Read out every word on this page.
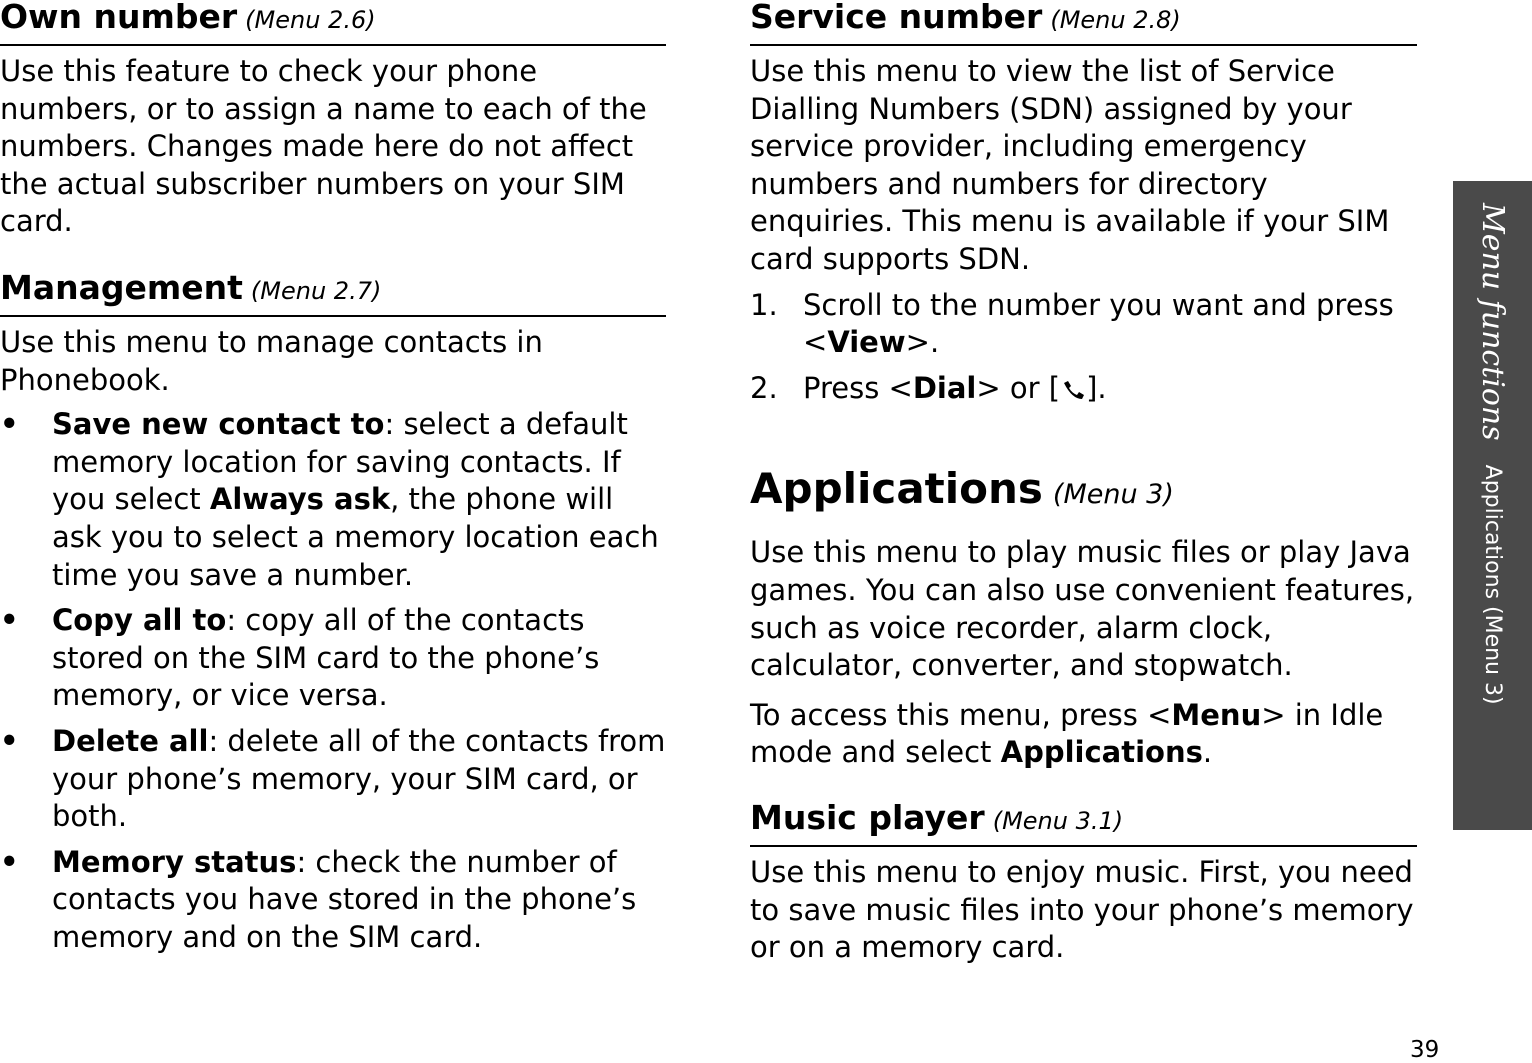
Own number (Menu 2.6)

Use this feature to check your phone numbers, or to assign a name to each of the numbers. Changes made here do not affect the actual subscriber numbers on your SIM card.

Management (Menu 2.7)

Use this menu to manage contacts in Phonebook.

• Save new contact to: select a default memory location for saving contacts. If you select Always ask, the phone will ask you to select a memory location each time you save a number.
• Copy all to: copy all of the contacts stored on the SIM card to the phone’s memory, or vice versa.
• Delete all: delete all of the contacts from your phone’s memory, your SIM card, or both.
• Memory status: check the number of contacts you have stored in the phone’s memory and on the SIM card.
Service number (Menu 2.8)

Use this menu to view the list of Service Dialling Numbers (SDN) assigned by your service provider, including emergency numbers and numbers for directory enquiries. This menu is available if your SIM card supports SDN.

1. Scroll to the number you want and press <View>.
2. Press <Dial> or [ ].
Applications (Menu 3)

Use this menu to play music files or play Java games. You can also use convenient features, such as voice recorder, alarm clock, calculator, converter, and stopwatch.

To access this menu, press <Menu> in Idle mode and select Applications.

Music player (Menu 3.1)

Use this menu to enjoy music. First, you need to save music files into your phone’s memory or on a memory card.

Menu functions
Applications (Menu 3)
39
